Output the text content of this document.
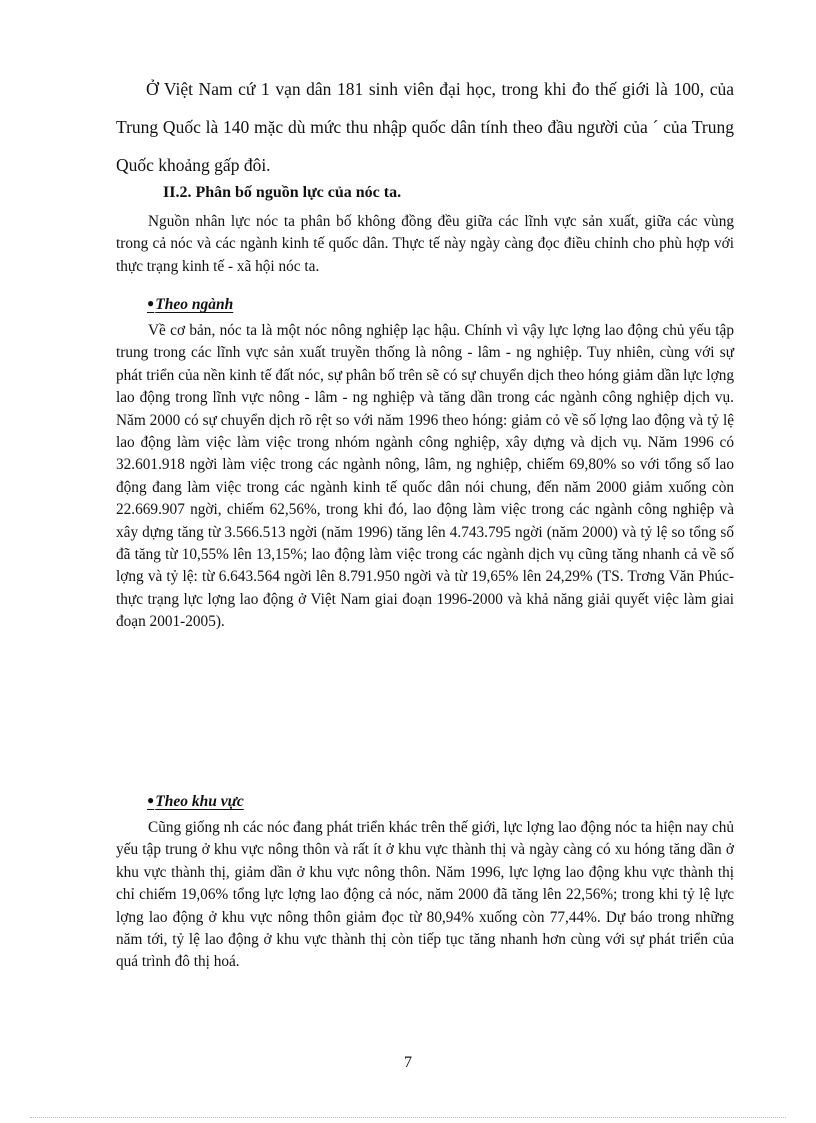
Ở Việt Nam cứ 1 vạn dân 181 sinh viên đại học, trong khi đo thế giới là 100, của Trung Quốc là 140 mặc dù mức thu nhập quốc dân tính theo đầu người của ´ của Trung Quốc khoảng gấp đôi.
II.2. Phân bố nguồn lực của nóc ta.
Nguồn nhân lực nóc ta phân bố không đồng đều giữa các lĩnh vực sản xuất, giữa các vùng trong cả nóc và các ngành kinh tế quốc dân. Thực tế này ngày càng đọc điều chỉnh cho phù hợp với thực trạng kinh tế - xã hội nóc ta.
●Theo ngành
Về cơ bản, nóc ta là một nóc nông nghiệp lạc hậu. Chính vì vậy lực lợng lao động chủ yếu tập trung trong các lĩnh vực sản xuất truyền thống là nông - lâm - ng nghiệp. Tuy nhiên, cùng với sự phát triển của nền kinh tế đất nóc, sự phân bố trên sẽ có sự chuyển dịch theo hóng giảm dần lực lợng lao động trong lĩnh vực nông - lâm - ng nghiệp và tăng dần trong các ngành công nghiệp dịch vụ. Năm 2000 có sự chuyển dịch rõ rệt so với năm 1996 theo hóng: giảm cỏ về số lợng lao động và tỷ lệ lao động làm việc làm việc trong nhóm ngành công nghiệp, xây dựng và dịch vụ. Năm 1996 có 32.601.918 ngời làm việc trong các ngành nông, lâm, ng nghiệp, chiếm 69,80% so với tổng số lao động đang làm việc trong các ngành kinh tế quốc dân nói chung, đến năm 2000 giảm xuống còn 22.669.907 ngời, chiếm 62,56%, trong khi đó, lao động làm việc trong các ngành công nghiệp và xây dựng tăng từ 3.566.513 ngời (năm 1996) tăng lên 4.743.795 ngời (năm 2000) và tỷ lệ so tổng số đã tăng từ 10,55% lên 13,15%; lao động làm việc trong các ngành dịch vụ cũng tăng nhanh cả về số lợng và tỷ lệ: từ 6.643.564 ngời lên 8.791.950 ngời và từ 19,65% lên 24,29% (TS. Trơng Văn Phúc- thực trạng lực lợng lao động ở Việt Nam giai đoạn 1996-2000 và khả năng giải quyết việc làm giai đoạn 2001-2005).
●Theo khu vực
Cũng giống nh các nóc đang phát triển khác trên thế giới, lực lợng lao động nóc ta hiện nay chủ yếu tập trung ở khu vực nông thôn và rất ít ở khu vực thành thị và ngày càng có xu hóng tăng dần ở khu vực thành thị, giảm dần ở khu vực nông thôn. Năm 1996, lực lợng lao động khu vực thành thị chỉ chiếm 19,06% tổng lực lợng lao động cả nóc, năm 2000 đã tăng lên 22,56%; trong khi tỷ lệ lực lợng lao động ở khu vực nông thôn giảm đọc từ 80,94% xuống còn 77,44%. Dự báo trong những năm tới, tỷ lệ lao động ở khu vực thành thị còn tiếp tục tăng nhanh hơn cùng với sự phát triển của quá trình đô thị hoá.
7
